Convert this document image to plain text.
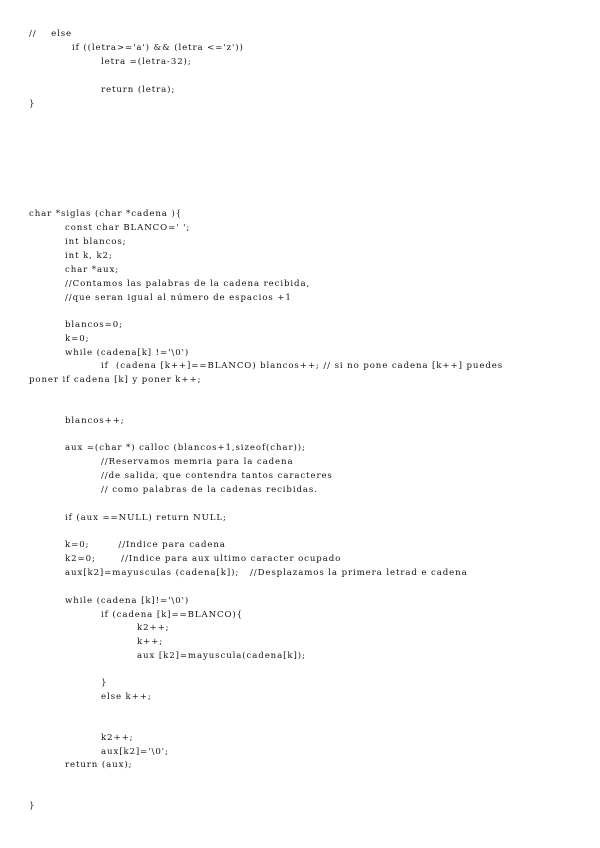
//    else
if ((letra>='a') && (letra <='z'))
letra =(letra-32);
return (letra);
}
char *siglas (char *cadena ){
const char BLANCO=' ';
int blancos;
int k, k2;
char *aux;
//Contamos las palabras de la cadena recibida,
//que seran igual al número de espacios +1
blancos=0;
k=0;
while (cadena[k] !='\0')
if  (cadena [k++]==BLANCO) blancos++; // si no pone cadena [k++] puedes
poner if cadena [k] y poner k++;
blancos++;
aux =(char *) calloc (blancos+1,sizeof(char));
//Reservamos memria para la cadena
//de salida, que contendra tantos caracteres
// como palabras de la cadenas recibidas.
if (aux ==NULL) return NULL;
k=0;        //Indice para cadena
k2=0;       //Indice para aux ultimo caracter ocupado
aux[k2]=mayusculas (cadena[k]);   //Desplazamos la primera letrad e cadena
while (cadena [k]!='\0')
if (cadena [k]==BLANCO){
k2++;
k++;
aux [k2]=mayuscula(cadena[k]);
}
else k++;
k2++;
aux[k2]='\0';
return (aux);
}
